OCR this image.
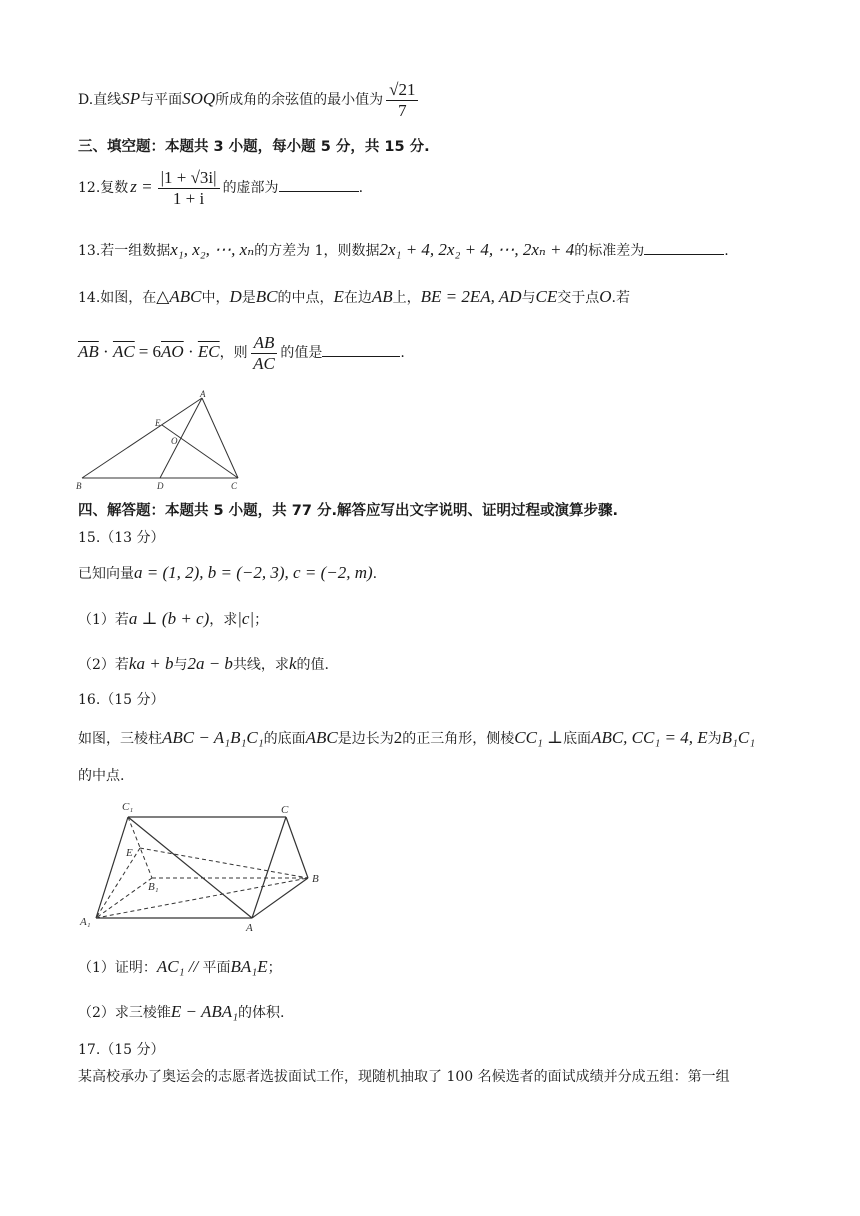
D.直线SP与平面SOQ所成角的余弦值的最小值为 $\frac{√21}{7}$
三、填空题：本题共 3 小题，每小题 5 分，共 15 分.
12.复数 $z = \frac{|1 + √3i|}{1 + i}$ 的虚部为	.
13.若一组数据x₁, x₂, ⋯, xₙ的方差为 1，则数据2x₁ + 4, 2x₂ + 4, ⋯, 2xₙ + 4的标准差为	.
14.如图，在△ABC中，D是BC的中点，E在边AB上，BE = 2EA, AD与CE交于点O.若
$\overline{AB} \cdot \overline{AC} = 6\overline{AO} \cdot \overline{EC}$，则 $\frac{AB}{AC}$ 的值是	.
A
B	C
D
E
O
四、解答题：本题共 5 小题，共 77 分.解答应写出文字说明、证明过程或演算步骤.
15.（13 分）
已知向量a = (1, 2), b = (−2, 3), c = (−2, m).
（1）若a ⊥ (b + c)，求|c|；
（2）若ka + b与2a − b共线，求k的值.
16.（15 分）
如图，三棱柱ABC − A₁B₁C₁的底面ABC是边长为2的正三角形，侧棱CC₁ ⊥底面ABC, CC₁ = 4, E为B₁C₁
的中点.
C₁	C
E
B₁
B
A₁	A
（1）证明：AC₁ // 平面BA₁E；
（2）求三棱锥E − ABA₁的体积.
17.（15 分）
某高校承办了奥运会的志愿者选拔面试工作，现随机抽取了 100 名候选者的面试成绩并分成五组：第一组
